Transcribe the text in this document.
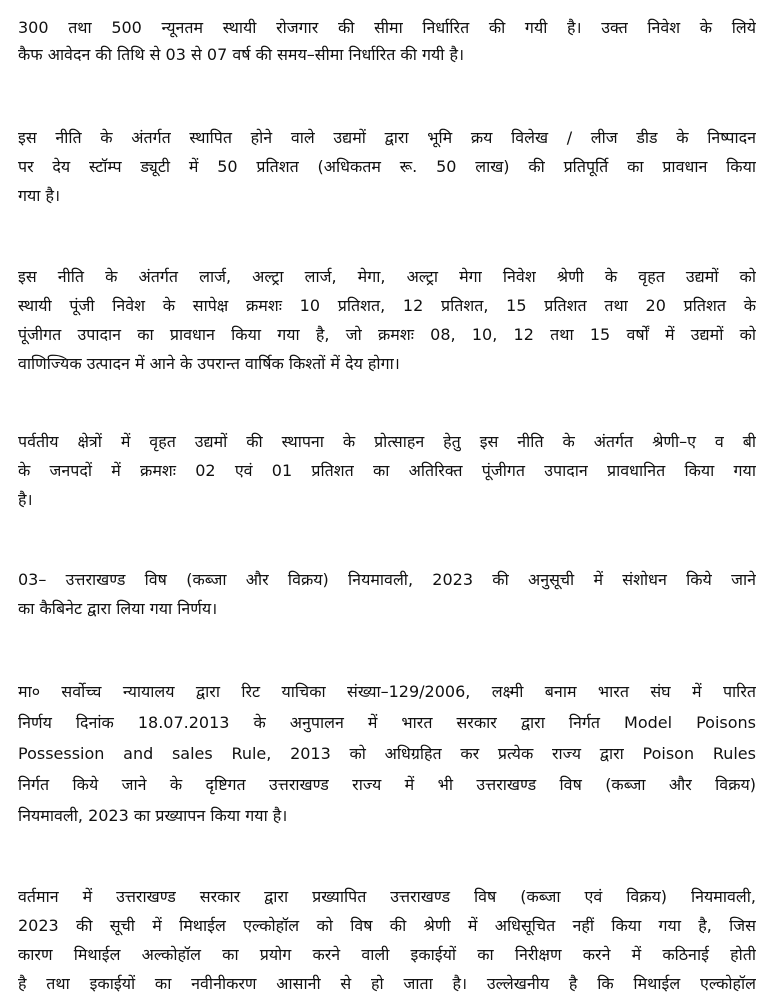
300 तथा 500 न्यूनतम स्थायी रोजगार की सीमा निर्धारित की गयी है। उक्त निवेश के लिये
कैफ आवेदन की तिथि से 03 से 07 वर्ष की समय–सीमा निर्धारित की गयी है।
इस नीति के अंतर्गत स्थापित होने वाले उद्यमों द्वारा भूमि क्रय विलेख / लीज डीड के निष्पादन
पर देय स्टॉम्प ड्यूटी में 50 प्रतिशत (अधिकतम रू. 50 लाख) की प्रतिपूर्ति का प्रावधान किया
गया है।
इस नीति के अंतर्गत लार्ज, अल्ट्रा लार्ज, मेगा, अल्ट्रा मेगा निवेश श्रेणी के वृहत उद्यमों को
स्थायी पूंजी निवेश के सापेक्ष क्रमशः 10 प्रतिशत, 12 प्रतिशत, 15 प्रतिशत तथा 20 प्रतिशत के
पूंजीगत उपादान का प्रावधान किया गया है, जो क्रमशः 08, 10, 12 तथा 15 वर्षों में उद्यमों को
वाणिज्यिक उत्पादन में आने के उपरान्त वार्षिक किश्तों में देय होगा।
पर्वतीय क्षेत्रों में वृहत उद्यमों की स्थापना के प्रोत्साहन हेतु इस नीति के अंतर्गत श्रेणी–ए व बी
के जनपदों में क्रमशः 02 एवं 01 प्रतिशत का अतिरिक्त पूंजीगत उपादान प्रावधानित किया गया
है।
03– उत्तराखण्ड विष (कब्जा और विक्रय) नियमावली, 2023 की अनुसूची में संशोधन किये जाने
का कैबिनेट द्वारा लिया गया निर्णय।
मा० सर्वोच्च न्यायालय द्वारा रिट याचिका संख्या–129/2006, लक्ष्मी बनाम भारत संघ में पारित
निर्णय दिनांक 18.07.2013 के अनुपालन में भारत सरकार द्वारा निर्गत Model Poisons
Possession and sales Rule, 2013 को अधिग्रहित कर प्रत्येक राज्य द्वारा Poison Rules
निर्गत किये जाने के दृष्टिगत उत्तराखण्ड राज्य में भी उत्तराखण्ड विष (कब्जा और विक्रय)
नियमावली, 2023 का प्रख्यापन किया गया है।
वर्तमान में उत्तराखण्ड सरकार द्वारा प्रख्यापित उत्तराखण्ड विष (कब्जा एवं विक्रय) नियमावली,
2023 की सूची में मिथाईल एल्कोहॉल को विष की श्रेणी में अधिसूचित नहीं किया गया है, जिस
कारण मिथाईल अल्कोहॉल का प्रयोग करने वाली इकाईयों का निरीक्षण करने में कठिनाई होती
है तथा इकाईयों का नवीनीकरण आसानी से हो जाता है। उल्लेखनीय है कि मिथाईल एल्कोहॉल
